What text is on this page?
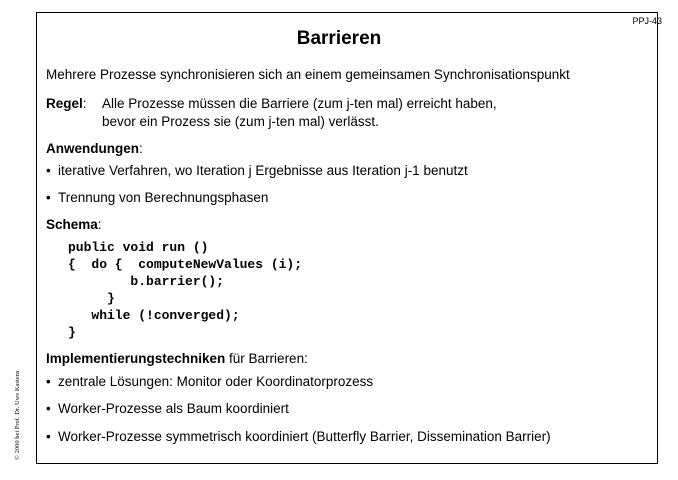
PPJ-43
Barrieren
Mehrere Prozesse synchronisieren sich an einem gemeinsamen Synchronisationspunkt
Regel: Alle Prozesse müssen die Barriere (zum j-ten mal) erreicht haben,
bevor ein Prozess sie (zum j-ten mal) verlässt.
Anwendungen:
• iterative Verfahren, wo Iteration j Ergebnisse aus Iteration j-1 benutzt
• Trennung von Berechnungsphasen
Schema:
public void run ()
{  do {  computeNewValues (i);
b.barrier();
}
while (!converged);
}
Implementierungstechniken für Barrieren:
• zentrale Lösungen: Monitor oder Koordinatorprozess
• Worker-Prozesse als Baum koordiniert
• Worker-Prozesse symmetrisch koordiniert (Butterfly Barrier, Dissemination Barrier)
© 2000 bei Prof. Dr. Uwe Kastens
